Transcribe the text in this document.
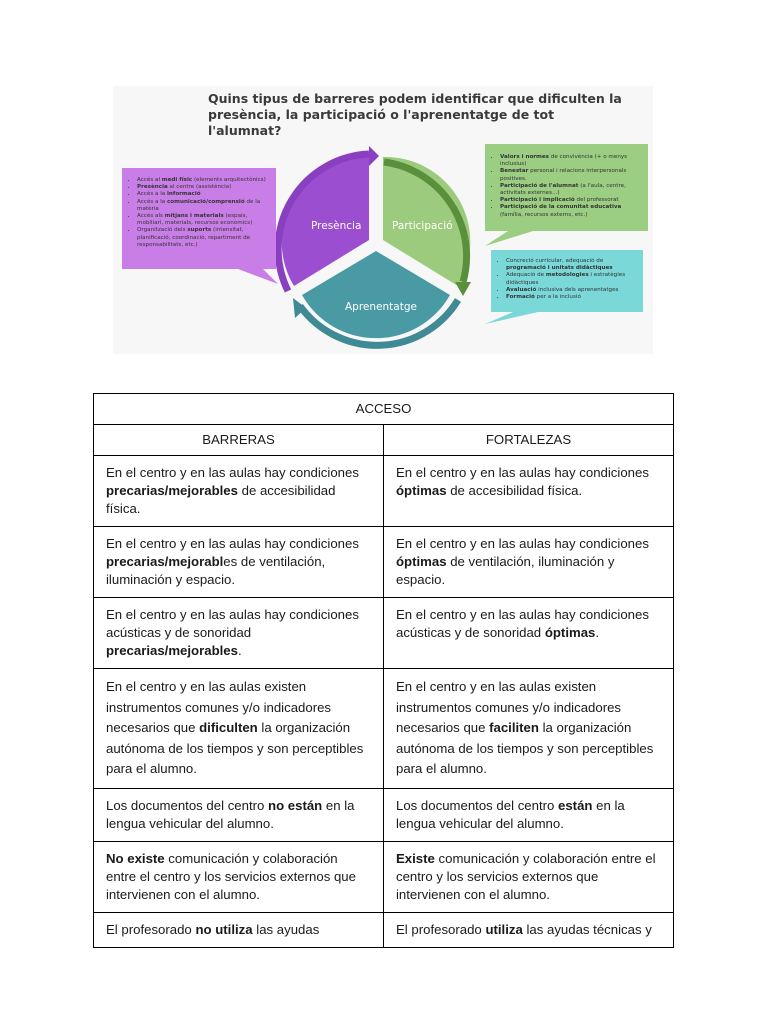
Quins tipus de barreres podem identificar que dificulten la presència, la participació o l'aprenentatge de tot l'alumnat?
Presència	Participació
Aprenentatge
• Accés al medi físic (elements arquitectònics)
• Presència al centre (assistència)
• Accés a la informació
• Accés a la comunicació/comprensió de la matèria
• Accés als mitjans i materials (espais, mobiliari, materials, recursos econòmics)
• Organització dels suports (intensitat, planificació, coordinació, repartiment de responsabilitats, etc.)
• Valors i normes de convivència (+ o menys inclusius)
• Benestar personal i relacions interpersonals positives.
• Participació de l'alumnat (a l'aula, centre, activitats externes...)
• Participació i implicació del professorat
• Participació de la comunitat educativa (família, recursos externs, etc.)
• Concreció curricular, adequació de programació i unitats didàctiques
• Adequació de metodologies i estratègies didàctiques
• Avaluació inclusiva dels aprenentatges
• Formació per a la inclusió
ACCESO	
BARRERAS	FORTALEZAS
En el centro y en las aulas hay condiciones precarias/mejorables de accesibilidad física.	En el centro y en las aulas hay condiciones óptimas de accesibilidad física.
En el centro y en las aulas hay condiciones precarias/mejorables de ventilación, iluminación y espacio.	En el centro y en las aulas hay condiciones óptimas de ventilación, iluminación y espacio.
En el centro y en las aulas hay condiciones acústicas y de sonoridad precarias/mejorables.	En el centro y en las aulas hay condiciones acústicas y de sonoridad óptimas.
En el centro y en las aulas existen instrumentos comunes y/o indicadores necesarios que dificulten la organización autónoma de los tiempos y son perceptibles para el alumno.	En el centro y en las aulas existen instrumentos comunes y/o indicadores necesarios que faciliten la organización autónoma de los tiempos y son perceptibles para el alumno.
Los documentos del centro no están en la lengua vehicular del alumno.	Los documentos del centro están en la lengua vehicular del alumno.
No existe comunicación y colaboración entre el centro y los servicios externos que intervienen con el alumno.	Existe comunicación y colaboración entre el centro y los servicios externos que intervienen con el alumno.
El profesorado no utiliza las ayudas	El profesorado utiliza las ayudas técnicas y
